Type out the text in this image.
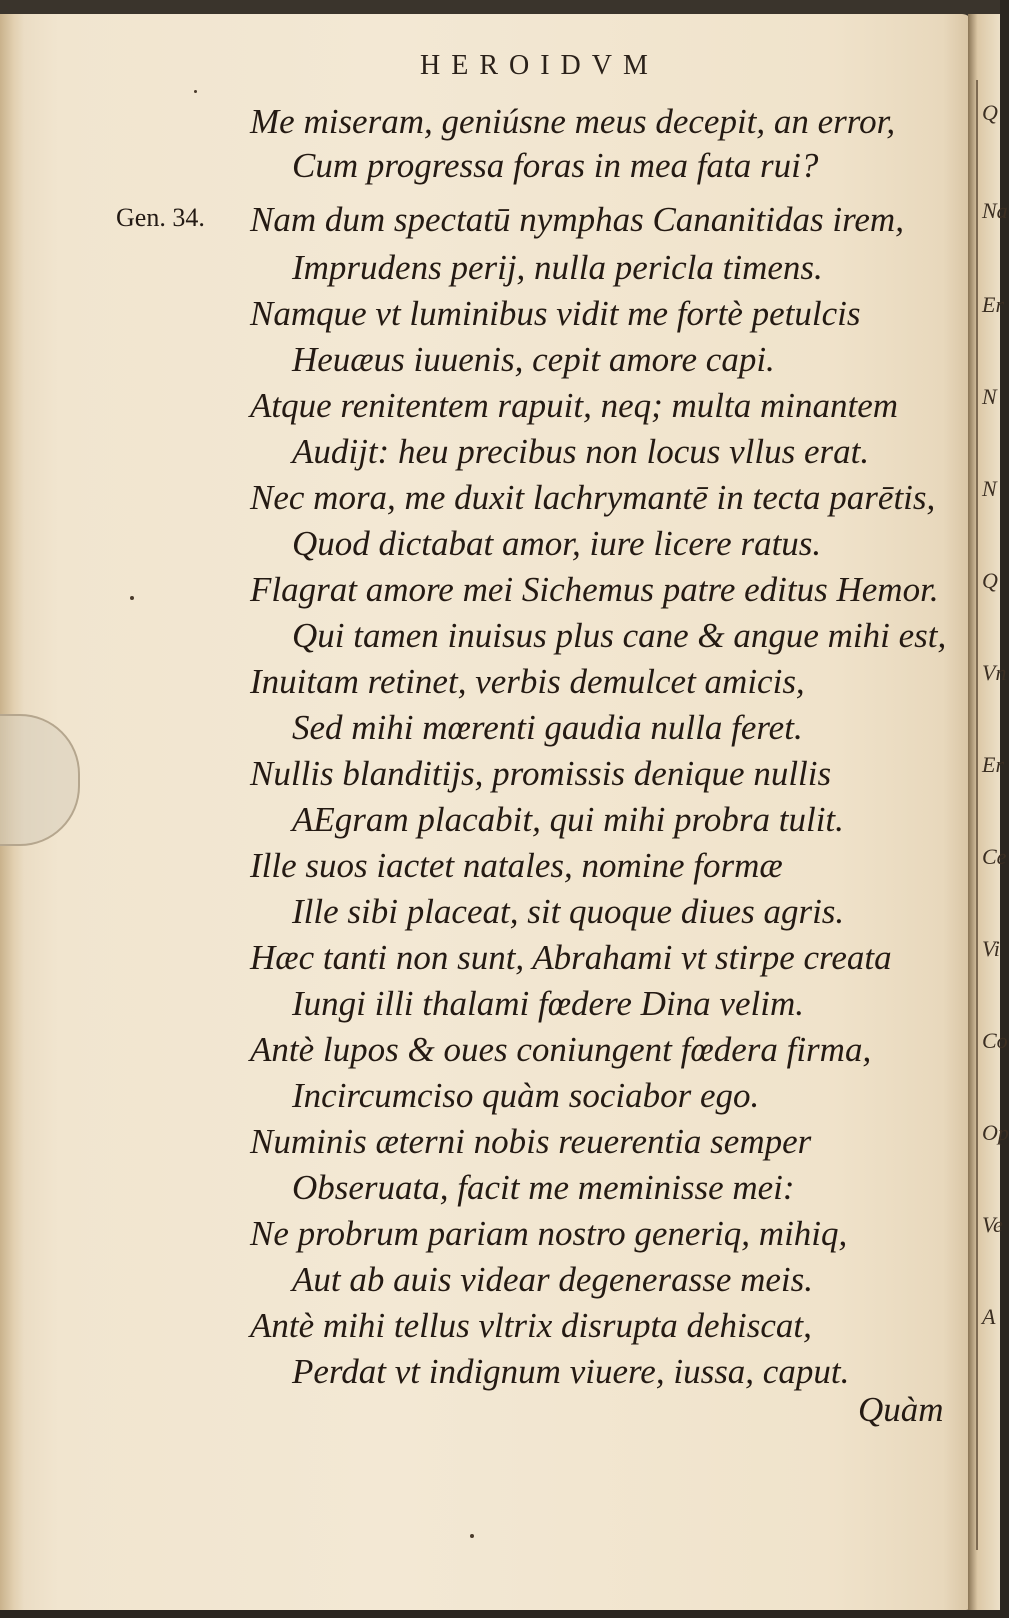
HEROIDVM
Gen. 34.
Me miseram, geniúsne meus decepit, an error,
Cum progressa foras in mea fata rui?
Nam dum spectatū nymphas Cananitidas irem,
Imprudens perij, nulla pericla timens.
Namque vt luminibus vidit me fortè petulcis
Heuæus iuuenis, cepit amore capi.
Atque renitentem rapuit, neq; multa minantem
Audijt: heu precibus non locus vllus erat.
Nec mora, me duxit lachrymantē in tecta parētis,
Quod dictabat amor, iure licere ratus.
Flagrat amore mei Sichemus patre editus Hemor.
Qui tamen inuisus plus cane & angue mihi est,
Inuitam retinet, verbis demulcet amicis,
Sed mihi mœrenti gaudia nulla feret.
Nullis blanditijs, promissis denique nullis
AEgram placabit, qui mihi probra tulit.
Ille suos iactet natales, nomine formæ
Ille sibi placeat, sit quoque diues agris.
Hæc tanti non sunt, Abrahami vt stirpe creata
Iungi illi thalami fœdere Dina velim.
Antè lupos & oues coniungent fœdera firma,
Incircumciso quàm sociabor ego.
Numinis æterni nobis reuerentia semper
Obseruata, facit me meminisse mei:
Ne probrum pariam nostro generiq, mihiq,
Aut ab auis videar degenerasse meis.
Antè mihi tellus vltrix disrupta dehiscat,
Perdat vt indignum viuere, iussa, caput.
Quàm
Q
Na
Er
N
N
Q
Vn
Er
Ce
Vi
Co
Op
Ve
A
